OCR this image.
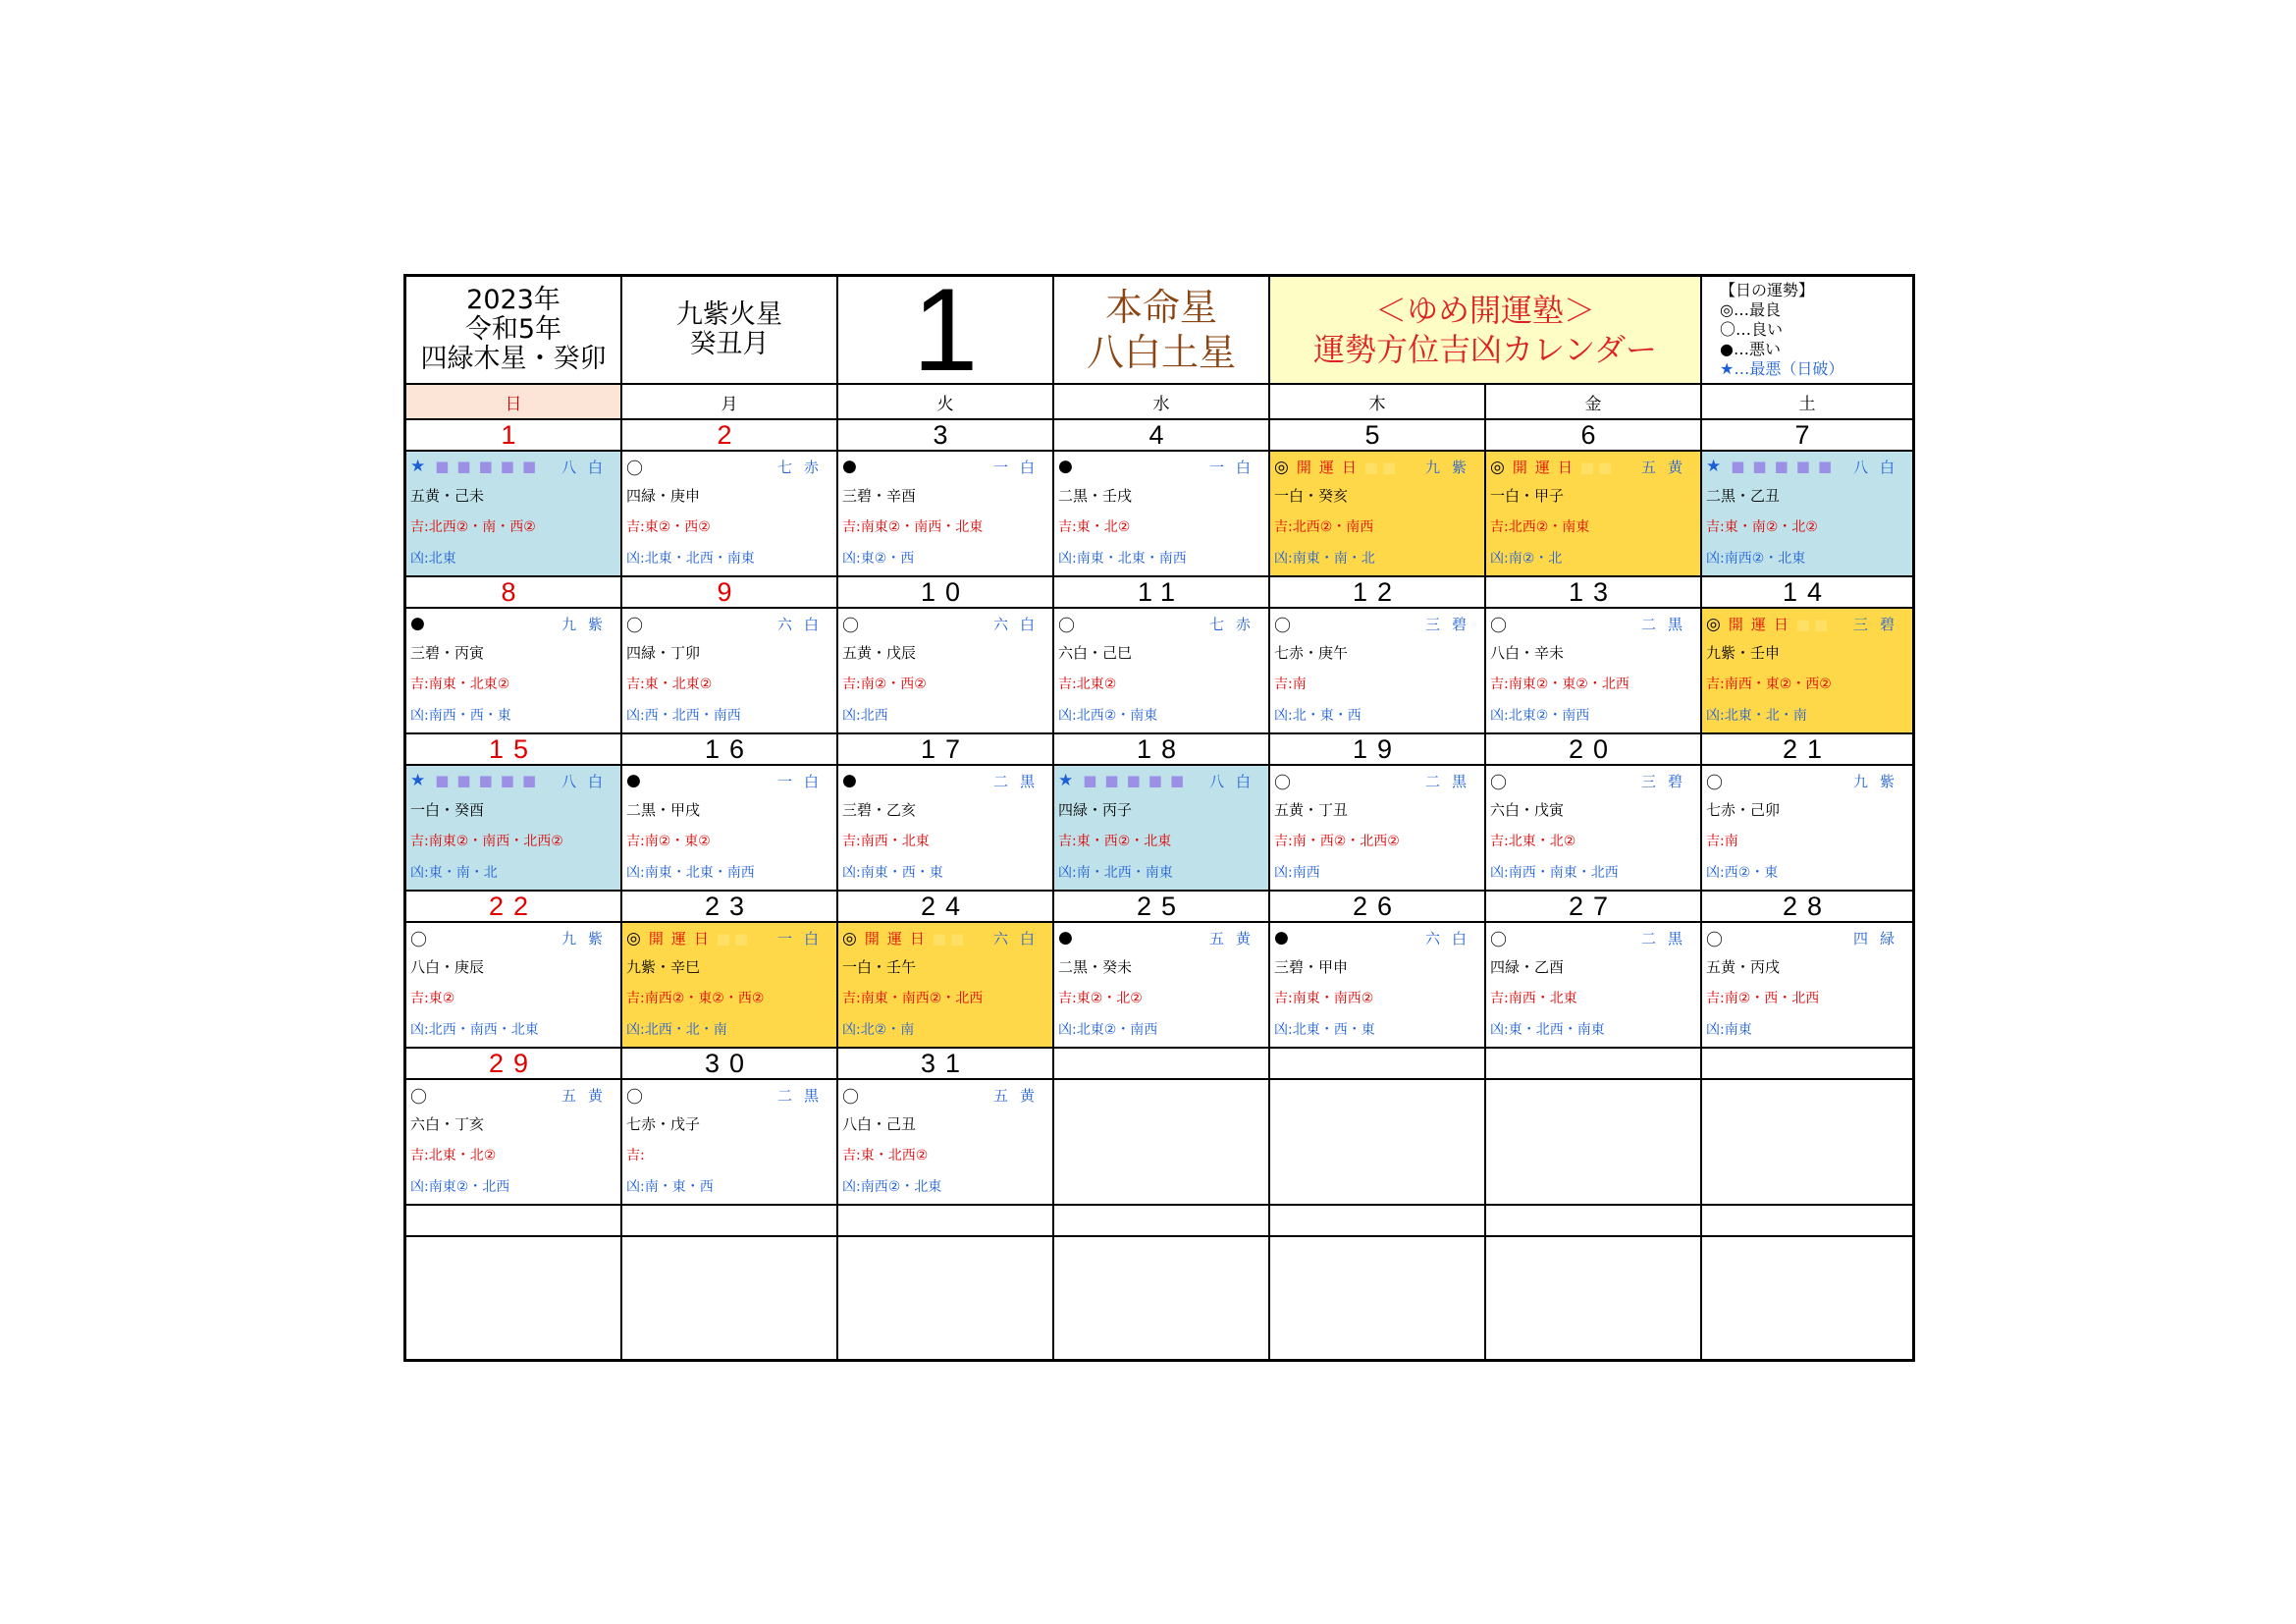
2023年
令和5年
四緑木星・癸卯
九紫火星
癸丑月 1	本命星
八白土星
＜ゆめ開運塾＞
運勢方位吉凶カレンダー
【日の運勢】
◎…最良
〇…良い
●…悪い
★…最悪（日破）
日	月	火	水	木	金	土
1	2	3	4	5	6	7
★ ■■■■■ 八白
五黄・己未
吉:北西②・南・西②
凶:北東
〇	七赤
四緑・庚申
吉:東②・西②
凶:北東・北西・南東
●	一白
三碧・辛酉
吉:南東②・南西・北東
凶:東②・西
●	一白
二黒・壬戌
吉:東・北②
凶:南東・北東・南西
◎ 開運日■■ 九紫
一白・癸亥
吉:北西②・南西
凶:南東・南・北
◎ 開運日■■ 五黄
一白・甲子
吉:北西②・南東
凶:南②・北
★ ■■■■■ 八白
二黒・乙丑
吉:東・南②・北②
凶:南西②・北東
8	9	10	11	12	13	14
●	九紫
三碧・丙寅
吉:南東・北東②
凶:南西・西・東
〇	六白
四緑・丁卯
吉:東・北東②
凶:西・北西・南西
〇	六白
五黄・戊辰
吉:南②・西②
凶:北西
〇	七赤
六白・己巳
吉:北東②
凶:北西②・南東
〇	三碧
七赤・庚午
吉:南
凶:北・東・西
〇	二黒
八白・辛未
吉:南東②・東②・北西
凶:北東②・南西
◎ 開運日■■ 三碧
九紫・壬申
吉:南西・東②・西②
凶:北東・北・南
15	16	17	18	19	20	21
★ ■■■■■ 八白
一白・癸酉
吉:南東②・南西・北西②
凶:東・南・北
●	一白
二黒・甲戌
吉:南②・東②
凶:南東・北東・南西
●	二黒
三碧・乙亥
吉:南西・北東
凶:南東・西・東
★ ■■■■■ 八白
四緑・丙子
吉:東・西②・北東
凶:南・北西・南東
〇	二黒
五黄・丁丑
吉:南・西②・北西②
凶:南西
〇	三碧
六白・戊寅
吉:北東・北②
凶:南西・南東・北西
〇	九紫
七赤・己卯
吉:南
凶:西②・東
22	23	24	25	26	27	28
〇	九紫
八白・庚辰
吉:東②
凶:北西・南西・北東
◎ 開運日■■ 一白
九紫・辛巳
吉:南西②・東②・西②
凶:北西・北・南
◎ 開運日■■ 六白
一白・壬午
吉:南東・南西②・北西
凶:北②・南
●	五黄
二黒・癸未
吉:東②・北②
凶:北東②・南西
●	六白
三碧・甲申
吉:南東・南西②
凶:北東・西・東
〇	二黒
四緑・乙酉
吉:南西・北東
凶:東・北西・南東
〇	四緑
五黄・丙戌
吉:南②・西・北西
凶:南東
29	30	31
〇	五黄
六白・丁亥
吉:北東・北②
凶:南東②・北西
〇	二黒
七赤・戊子
吉:
凶:南・東・西
〇	五黄
八白・己丑
吉:東・北西②
凶:南西②・北東
